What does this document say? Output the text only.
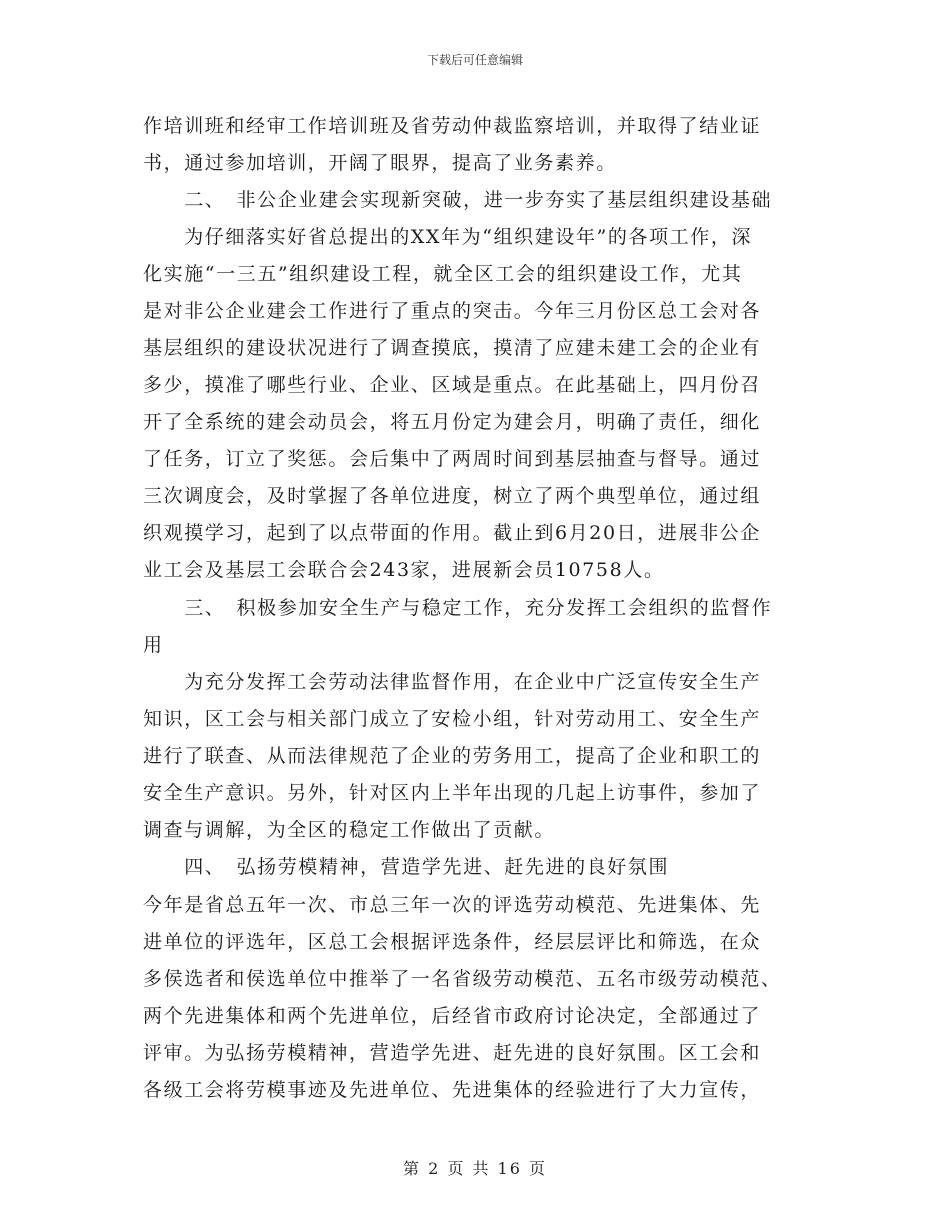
下载后可任意编辑
作培训班和经审工作培训班及省劳动仲裁监察培训，并取得了结业证
书，通过参加培训，开阔了眼界，提高了业务素养。
　　二、　非公企业建会实现新突破，进一步夯实了基层组织建设基础
　　为仔细落实好省总提出的XX年为“组织建设年”的各项工作，深
化实施“一三五”组织建设工程，就全区工会的组织建设工作，尤其
是对非公企业建会工作进行了重点的突击。今年三月份区总工会对各
基层组织的建设状况进行了调查摸底，摸清了应建未建工会的企业有
多少，摸准了哪些行业、企业、区域是重点。在此基础上，四月份召
开了全系统的建会动员会，将五月份定为建会月，明确了责任，细化
了任务，订立了奖惩。会后集中了两周时间到基层抽查与督导。通过
三次调度会，及时掌握了各单位进度，树立了两个典型单位，通过组
织观摸学习，起到了以点带面的作用。截止到6月20日，进展非公企
业工会及基层工会联合会243家，进展新会员10758人。
　　三、　积极参加安全生产与稳定工作，充分发挥工会组织的监督作
用
　　为充分发挥工会劳动法律监督作用，在企业中广泛宣传安全生产
知识，区工会与相关部门成立了安检小组，针对劳动用工、安全生产
进行了联查、从而法律规范了企业的劳务用工，提高了企业和职工的
安全生产意识。另外，针对区内上半年出现的几起上访事件，参加了
调查与调解，为全区的稳定工作做出了贡献。
　　四、　弘扬劳模精神，营造学先进、赶先进的良好氛围
今年是省总五年一次、市总三年一次的评选劳动模范、先进集体、先
进单位的评选年，区总工会根据评选条件，经层层评比和筛选，在众
多侯选者和侯选单位中推举了一名省级劳动模范、五名市级劳动模范、
两个先进集体和两个先进单位，后经省市政府讨论决定，全部通过了
评审。为弘扬劳模精神，营造学先进、赶先进的良好氛围。区工会和
各级工会将劳模事迹及先进单位、先进集体的经验进行了大力宣传，
第 2 页 共 16 页
